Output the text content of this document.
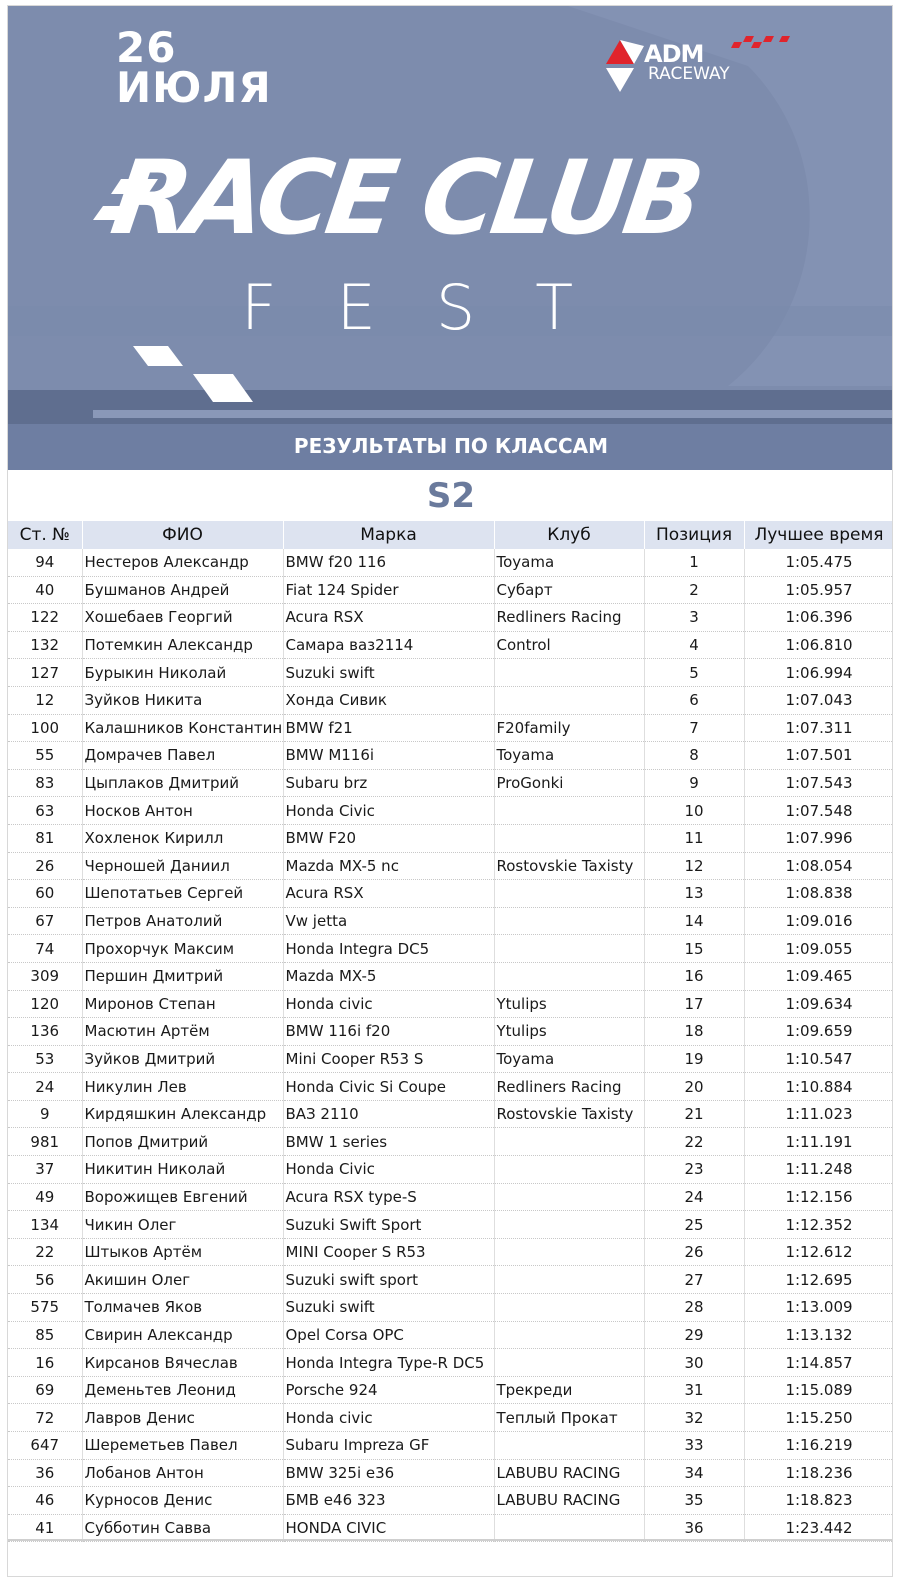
26
ИЮЛЯ
ADM
RACEWAY
RACE CLUB
FEST
РЕЗУЛЬТАТЫ ПО КЛАССАМ
S2
Ст. №	ФИО	Марка	Клуб	Позиция	Лучшее время
94	Нестеров Александр	BMW f20 116	Toyama	1	1:05.475
40	Бушманов Андрей	Fiat 124 Spider	Субарт	2	1:05.957
122	Хошебаев Георгий	Acura RSX	Redliners Racing	3	1:06.396
132	Потемкин Александр	Самара ваз2114	Control	4	1:06.810
127	Бурыкин Николай	Suzuki swift		5	1:06.994
12	Зуйков Никита	Хонда Сивик		6	1:07.043
100	Калашников Константин	BMW f21	F20family	7	1:07.311
55	Домрачев Павел	BMW M116i	Toyama	8	1:07.501
83	Цыплаков Дмитрий	Subaru brz	ProGonki	9	1:07.543
63	Носков Антон	Honda Civic		10	1:07.548
81	Хохленок Кирилл	BMW F20		11	1:07.996
26	Черношей Даниил	Mazda MX-5 nc	Rostovskie Taxisty	12	1:08.054
60	Шепотатьев Сергей	Acura RSX		13	1:08.838
67	Петров Анатолий	Vw jetta		14	1:09.016
74	Прохорчук Максим	Honda Integra DC5		15	1:09.055
309	Першин Дмитрий	Mazda MX-5		16	1:09.465
120	Миронов Степан	Honda civic	Ytulips	17	1:09.634
136	Масютин Артём	BMW 116i f20	Ytulips	18	1:09.659
53	Зуйков Дмитрий	Mini Cooper R53 S	Toyama	19	1:10.547
24	Никулин Лев	Honda Civic Si Coupe	Redliners Racing	20	1:10.884
9	Кирдяшкин Александр	ВАЗ 2110	Rostovskie Taxisty	21	1:11.023
981	Попов Дмитрий	BMW 1 series		22	1:11.191
37	Никитин Николай	Honda Civic		23	1:11.248
49	Ворожищев Евгений	Acura RSX type-S		24	1:12.156
134	Чикин Олег	Suzuki Swift Sport		25	1:12.352
22	Штыков Артём	MINI Cooper S R53		26	1:12.612
56	Акишин Олег	Suzuki swift sport		27	1:12.695
575	Толмачев Яков	Suzuki swift		28	1:13.009
85	Свирин Александр	Opel Corsa OPC		29	1:13.132
16	Кирсанов Вячеслав	Honda Integra Type-R DC5		30	1:14.857
69	Деменьтев Леонид	Porsche 924	Трекреди	31	1:15.089
72	Лавров Денис	Honda civic	Теплый Прокат	32	1:15.250
647	Шереметьев Павел	Subaru Impreza GF		33	1:16.219
36	Лобанов Антон	BMW 325i e36	LABUBU RACING	34	1:18.236
46	Курносов Денис	БМВ e46 323	LABUBU RACING	35	1:18.823
41	Субботин Савва	HONDA CIVIC		36	1:23.442
